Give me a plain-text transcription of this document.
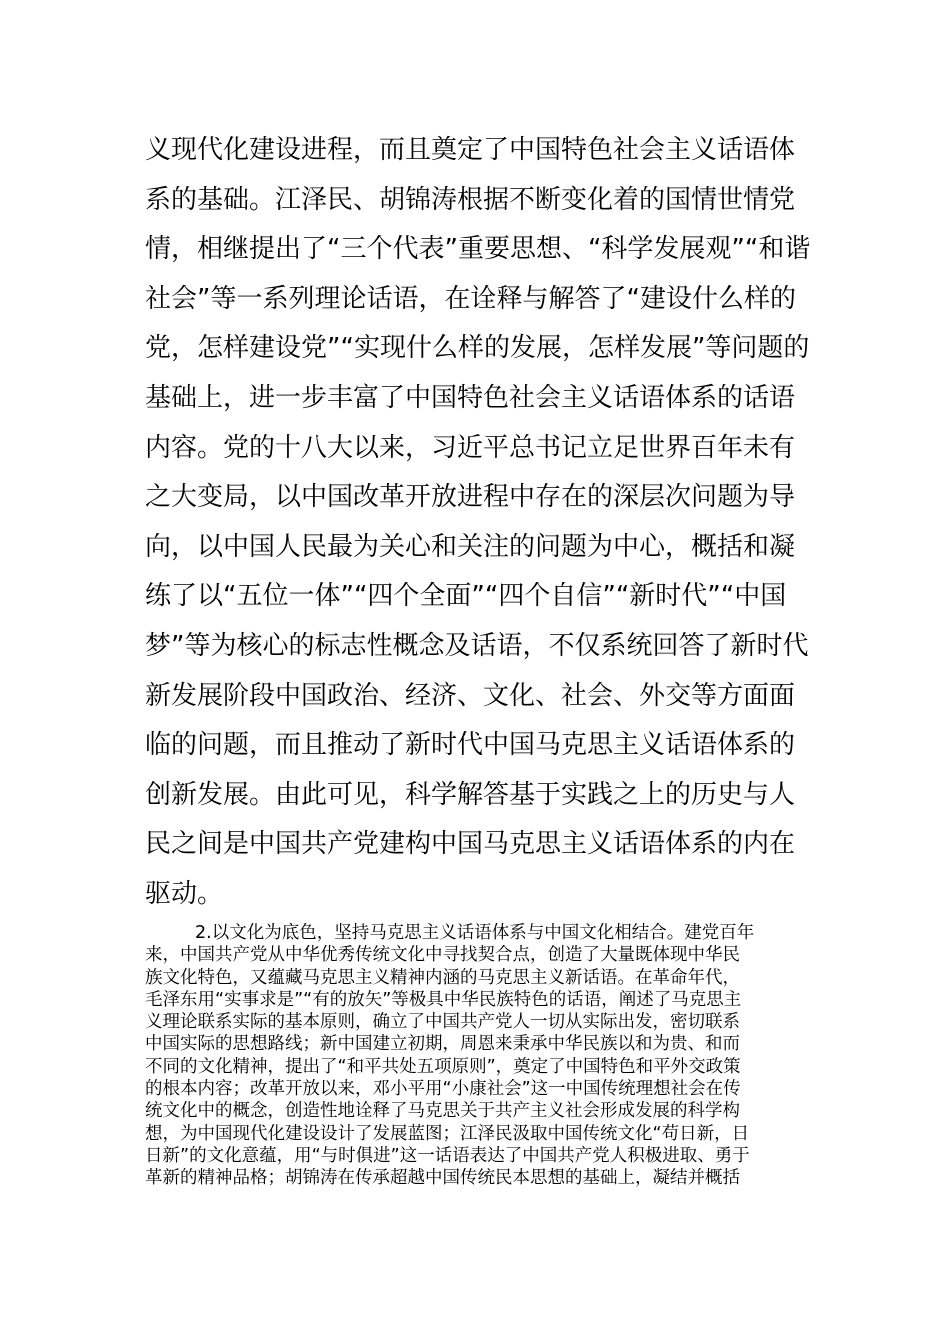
义现代化建设进程，而且奠定了中国特色社会主义话语体
系的基础。江泽民、胡锦涛根据不断变化着的国情世情党
情，相继提出了“三个代表”重要思想、“科学发展观”“和谐
社会”等一系列理论话语，在诠释与解答了“建设什么样的
党，怎样建设党”“实现什么样的发展，怎样发展”等问题的
基础上，进一步丰富了中国特色社会主义话语体系的话语
内容。党的十八大以来，习近平总书记立足世界百年未有
之大变局，以中国改革开放进程中存在的深层次问题为导
向，以中国人民最为关心和关注的问题为中心，概括和凝
练了以“五位一体”“四个全面”“四个自信”“新时代”“中国
梦”等为核心的标志性概念及话语，不仅系统回答了新时代
新发展阶段中国政治、经济、文化、社会、外交等方面面
临的问题，而且推动了新时代中国马克思主义话语体系的
创新发展。由此可见，科学解答基于实践之上的历史与人
民之间是中国共产党建构中国马克思主义话语体系的内在
驱动。
2.以文化为底色，坚持马克思主义话语体系与中国文化相结合。建党百年
来，中国共产党从中华优秀传统文化中寻找契合点，创造了大量既体现中华民
族文化特色，又蕴藏马克思主义精神内涵的马克思主义新话语。在革命年代，
毛泽东用“实事求是”“有的放矢”等极具中华民族特色的话语，阐述了马克思主
义理论联系实际的基本原则，确立了中国共产党人一切从实际出发，密切联系
中国实际的思想路线；新中国建立初期，周恩来秉承中华民族以和为贵、和而
不同的文化精神，提出了“和平共处五项原则”，奠定了中国特色和平外交政策
的根本内容；改革开放以来，邓小平用“小康社会”这一中国传统理想社会在传
统文化中的概念，创造性地诠释了马克思关于共产主义社会形成发展的科学构
想，为中国现代化建设设计了发展蓝图；江泽民汲取中国传统文化“苟日新，日
日新”的文化意蕴，用“与时俱进”这一话语表达了中国共产党人积极进取、勇于
革新的精神品格；胡锦涛在传承超越中国传统民本思想的基础上，凝结并概括
